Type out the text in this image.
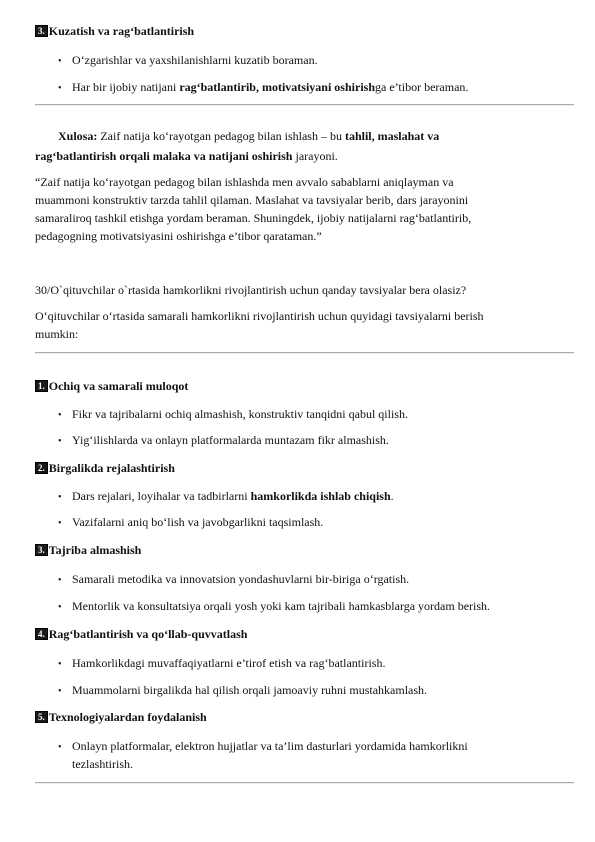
3. Kuzatish va rag‘batlantirish
• O‘zgarishlar va yaxshilanishlarni kuzatib boraman.
• Har bir ijobiy natijani rag‘batlantirib, motivatsiyani oshirishga e’tibor beraman.
Xulosa: Zaif natija ko‘rayotgan pedagog bilan ishlash – bu tahlil, maslahat va
rag‘batlantirish orqali malaka va natijani oshirish jarayoni.
“Zaif natija ko‘rayotgan pedagog bilan ishlashda men avvalo sabablarni aniqlayman va
muammoni konstruktiv tarzda tahlil qilaman. Maslahat va tavsiyalar berib, dars jarayonini
samaraliroq tashkil etishga yordam beraman. Shuningdek, ijobiy natijalarni rag‘batlantirib,
pedagogning motivatsiyasini oshirishga e’tibor qarataman.”
30/O`qituvchilar o`rtasida hamkorlikni rivojlantirish uchun qanday tavsiyalar bera olasiz?
O‘qituvchilar o‘rtasida samarali hamkorlikni rivojlantirish uchun quyidagi tavsiyalarni berish
mumkin:
1. Ochiq va samarali muloqot
• Fikr va tajribalarni ochiq almashish, konstruktiv tanqidni qabul qilish.
• Yig‘ilishlarda va onlayn platformalarda muntazam fikr almashish.
2. Birgalikda rejalashtirish
• Dars rejalari, loyihalar va tadbirlarni hamkorlikda ishlab chiqish.
• Vazifalarni aniq bo‘lish va javobgarlikni taqsimlash.
3. Tajriba almashish
• Samarali metodika va innovatsion yondashuvlarni bir-biriga o‘rgatish.
• Mentorlik va konsultatsiya orqali yosh yoki kam tajribali hamkasblarga yordam berish.
4. Rag‘batlantirish va qo‘llab-quvvatlash
• Hamkorlikdagi muvaffaqiyatlarni e’tirof etish va rag‘batlantirish.
• Muammolarni birgalikda hal qilish orqali jamoaviy ruhni mustahkamlash.
5. Texnologiyalardan foydalanish
• Onlayn platformalar, elektron hujjatlar va ta’lim dasturlari yordamida hamkorlikni
tezlashtirish.
